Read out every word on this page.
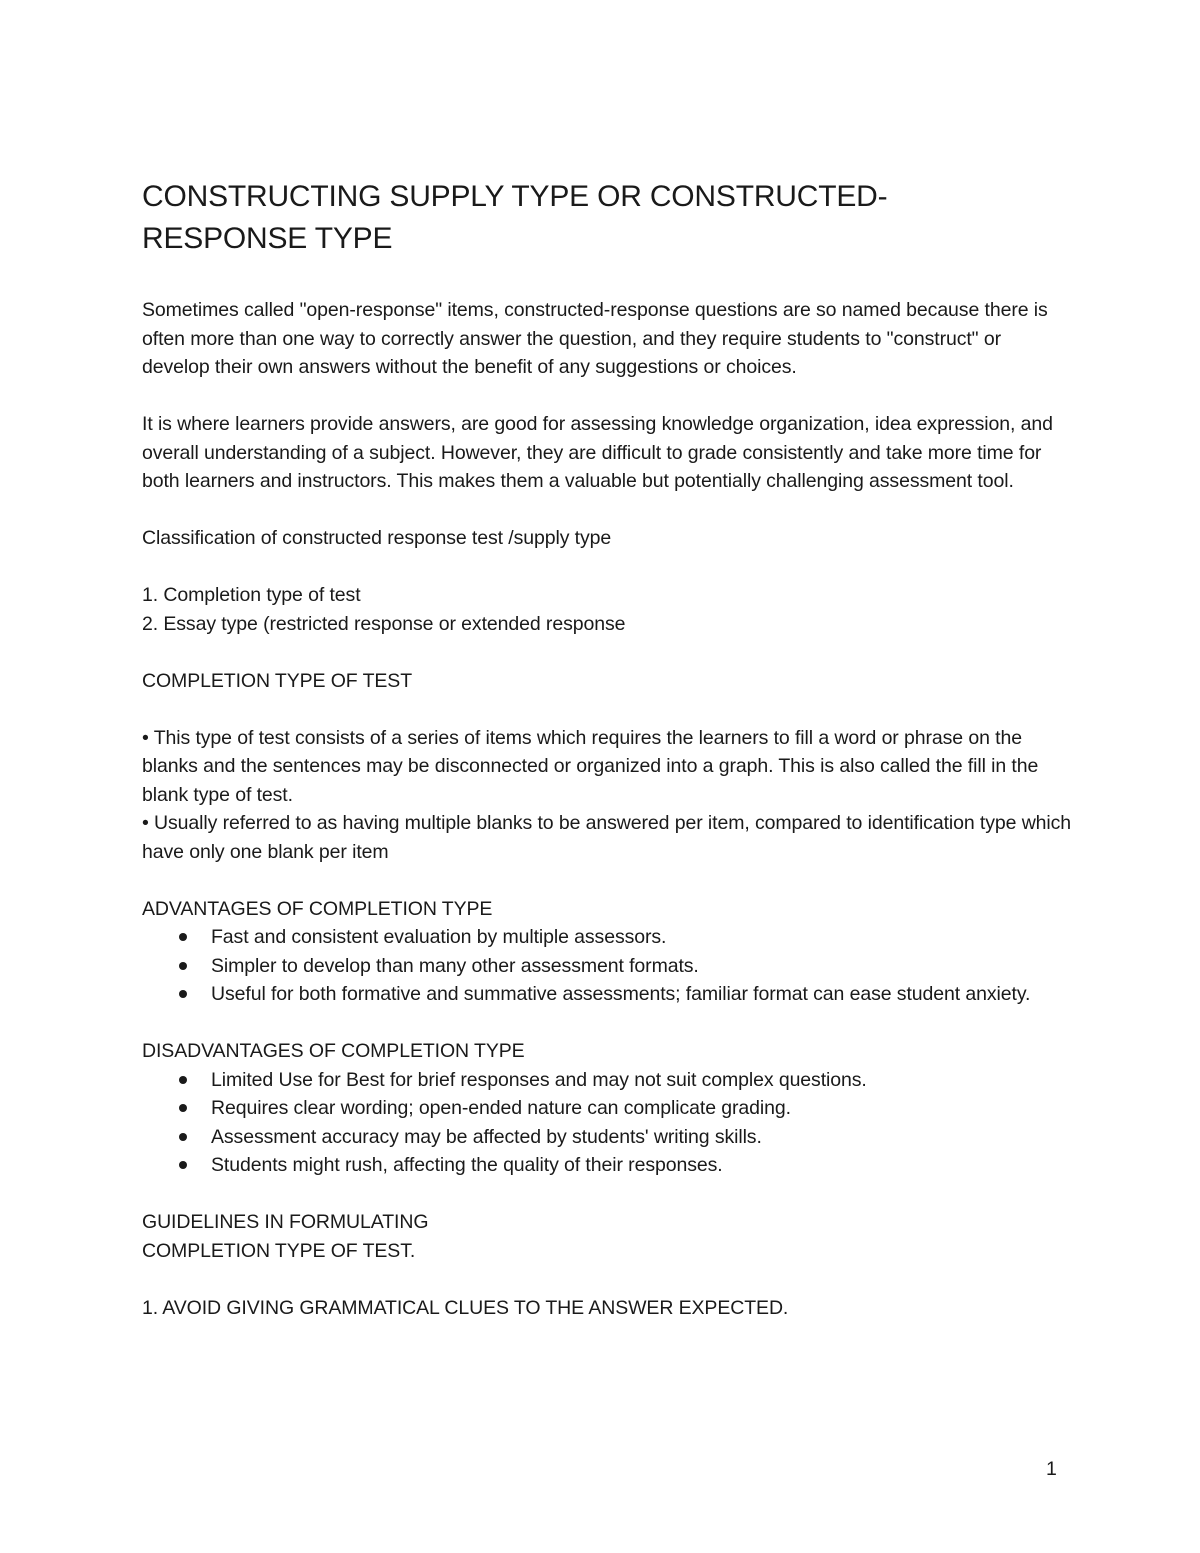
CONSTRUCTING SUPPLY TYPE OR CONSTRUCTED-
RESPONSE TYPE

Sometimes called "open-response" items, constructed-response questions are so named because there is often more than one way to correctly answer the question, and they require students to "construct" or develop their own answers without the benefit of any suggestions or choices.

It is where learners provide answers, are good for assessing knowledge organization, idea expression, and overall understanding of a subject. However, they are difficult to grade consistently and take more time for both learners and instructors. This makes them a valuable but potentially challenging assessment tool.

Classification of constructed response test /supply type

1. Completion type of test

2. Essay type (restricted response or extended response

COMPLETION TYPE OF TEST

• This type of test consists of a series of items which requires the learners to fill a word or phrase on the blanks and the sentences may be disconnected or organized into a graph. This is also called the fill in the blank type of test.

• Usually referred to as having multiple blanks to be answered per item, compared to identification type which have only one blank per item

ADVANTAGES OF COMPLETION TYPE

Fast and consistent evaluation by multiple assessors.
Simpler to develop than many other assessment formats.
Useful for both formative and summative assessments; familiar format can ease student anxiety.

DISADVANTAGES OF COMPLETION TYPE

Limited Use for Best for brief responses and may not suit complex questions.
Requires clear wording; open-ended nature can complicate grading.
Assessment accuracy may be affected by students' writing skills.
Students might rush, affecting the quality of their responses.

GUIDELINES IN FORMULATING

COMPLETION TYPE OF TEST.

1. AVOID GIVING GRAMMATICAL CLUES TO THE ANSWER EXPECTED.

1
